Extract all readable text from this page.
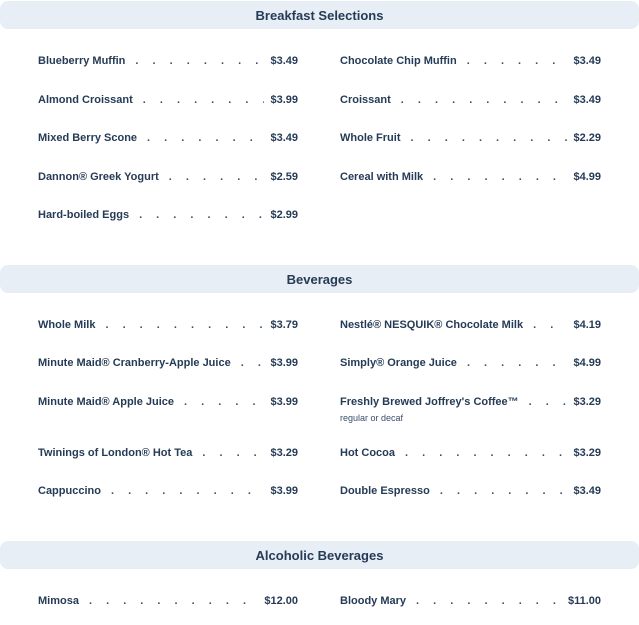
Breakfast Selections
Blueberry Muffin . . .	$3.49	Chocolate Chip Muffin . . .	$3.49
Almond Croissant . . .	$3.99	Croissant . . .	$3.49
Mixed Berry Scone . . .	$3.49	Whole Fruit . . .	$2.29
Dannon® Greek Yogurt . . .	$2.59	Cereal with Milk . . .	$4.99
Hard-boiled Eggs . . .	$2.99
Beverages
Whole Milk . . .	$3.79	Nestlé® NESQUIK® Chocolate Milk . . .	$4.19
Minute Maid® Cranberry-Apple Juice . . .	$3.99	Simply® Orange Juice . . .	$4.99
Minute Maid® Apple Juice . . .	$3.99	Freshly Brewed Joffrey's Coffee™ . . .	$3.29
regular or decaf
Twinings of London® Hot Tea . . .	$3.29	Hot Cocoa . . .	$3.29
Cappuccino . . .	$3.99	Double Espresso . . .	$3.49
Alcoholic Beverages
Mimosa . . .	$12.00	Bloody Mary . . .	$11.00
